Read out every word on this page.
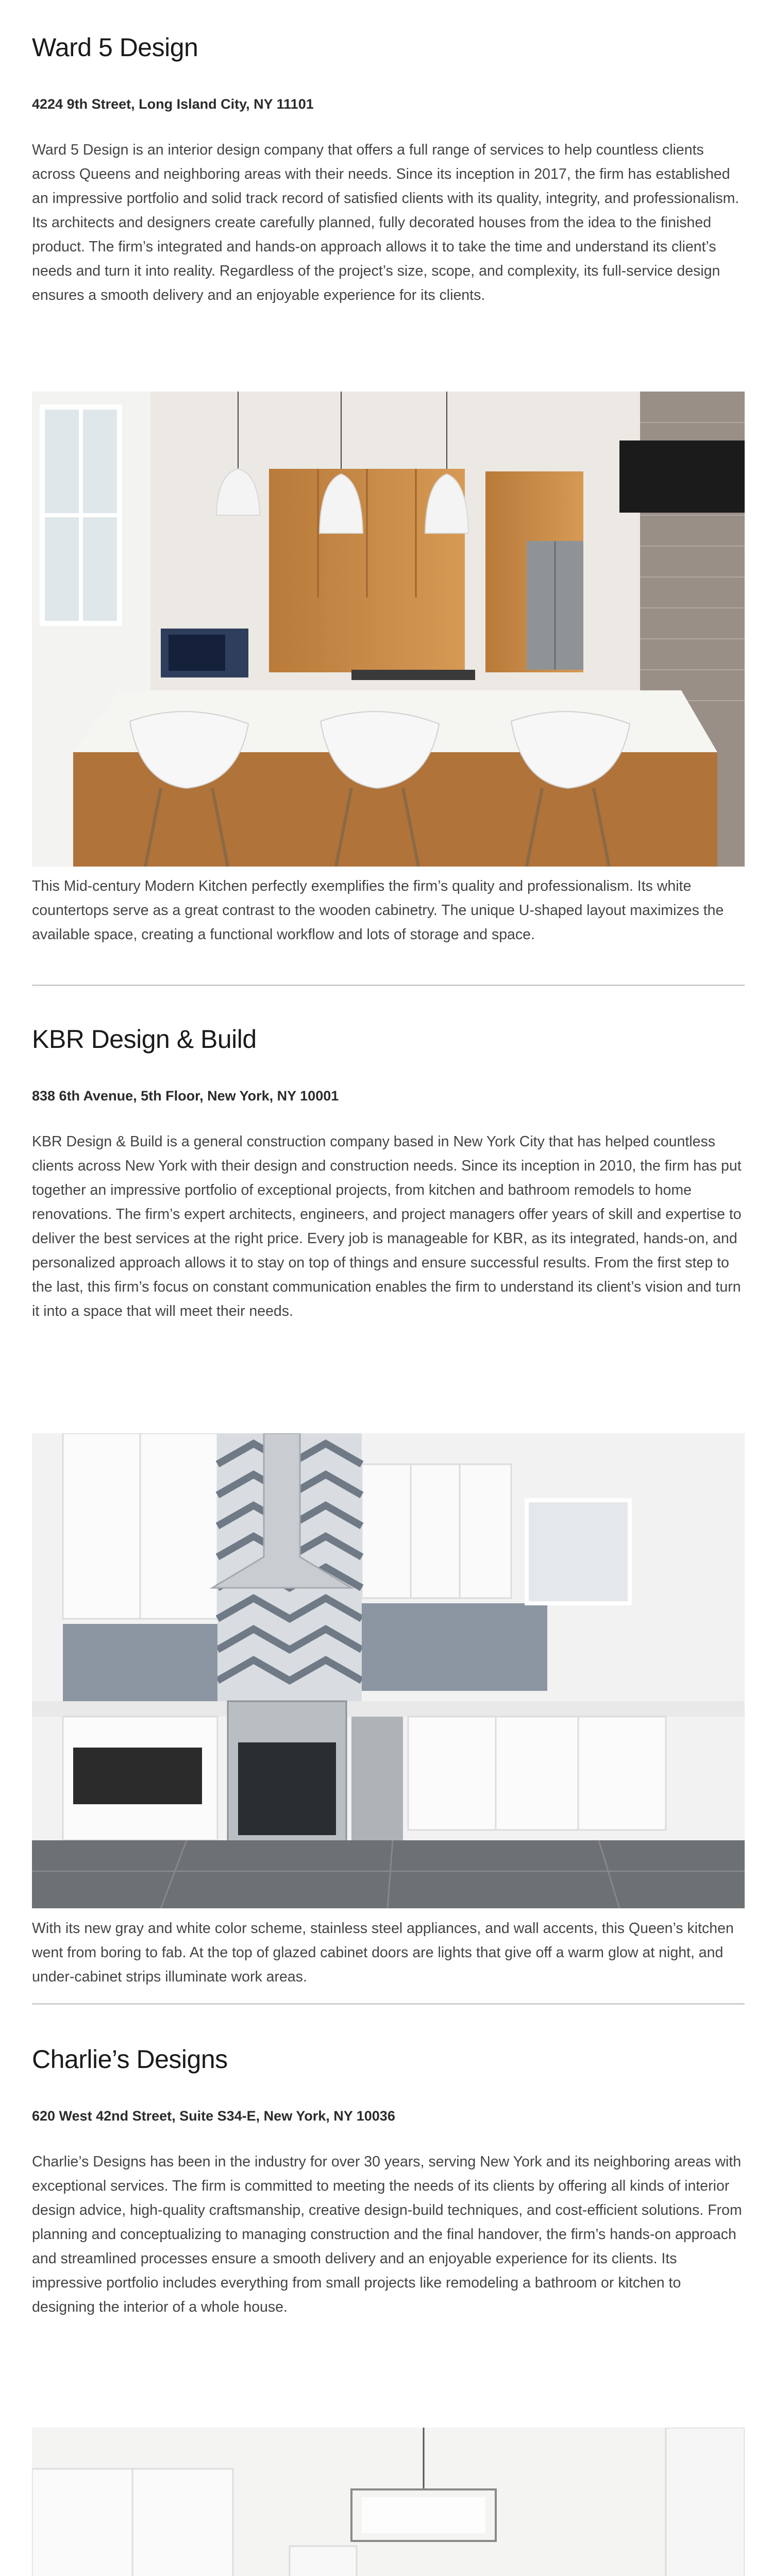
Ward 5 Design

4224 9th Street, Long Island City, NY 11101

Ward 5 Design is an interior design company that offers a full range of services to help countless clients across Queens and neighboring areas with their needs. Since its inception in 2017, the firm has established an impressive portfolio and solid track record of satisfied clients with its quality, integrity, and professionalism. Its architects and designers create carefully planned, fully decorated houses from the idea to the finished product. The firm’s integrated and hands-on approach allows it to take the time and understand its client’s needs and turn it into reality. Regardless of the project’s size, scope, and complexity, its full-service design ensures a smooth delivery and an enjoyable experience for its clients.

This Mid-century Modern Kitchen perfectly exemplifies the firm’s quality and professionalism. Its white countertops serve as a great contrast to the wooden cabinetry. The unique U-shaped layout maximizes the available space, creating a functional workflow and lots of storage and space.

KBR Design & Build

838 6th Avenue, 5th Floor, New York, NY 10001

KBR Design & Build is a general construction company based in New York City that has helped countless clients across New York with their design and construction needs. Since its inception in 2010, the firm has put together an impressive portfolio of exceptional projects, from kitchen and bathroom remodels to home renovations. The firm’s expert architects, engineers, and project managers offer years of skill and expertise to deliver the best services at the right price. Every job is manageable for KBR, as its integrated, hands-on, and personalized approach allows it to stay on top of things and ensure successful results. From the first step to the last, this firm’s focus on constant communication enables the firm to understand its client’s vision and turn it into a space that will meet their needs.

With its new gray and white color scheme, stainless steel appliances, and wall accents, this Queen’s kitchen went from boring to fab. At the top of glazed cabinet doors are lights that give off a warm glow at night, and under-cabinet strips illuminate work areas.

Charlie’s Designs

620 West 42nd Street, Suite S34-E, New York, NY 10036

Charlie’s Designs has been in the industry for over 30 years, serving New York and its neighboring areas with exceptional services. The firm is committed to meeting the needs of its clients by offering all kinds of interior design advice, high-quality craftsmanship, creative design-build techniques, and cost-efficient solutions. From planning and conceptualizing to managing construction and the final handover, the firm’s hands-on approach and streamlined processes ensure a smooth delivery and an enjoyable experience for its clients. Its impressive portfolio includes everything from small projects like remodeling a bathroom or kitchen to designing the interior of a whole house.
